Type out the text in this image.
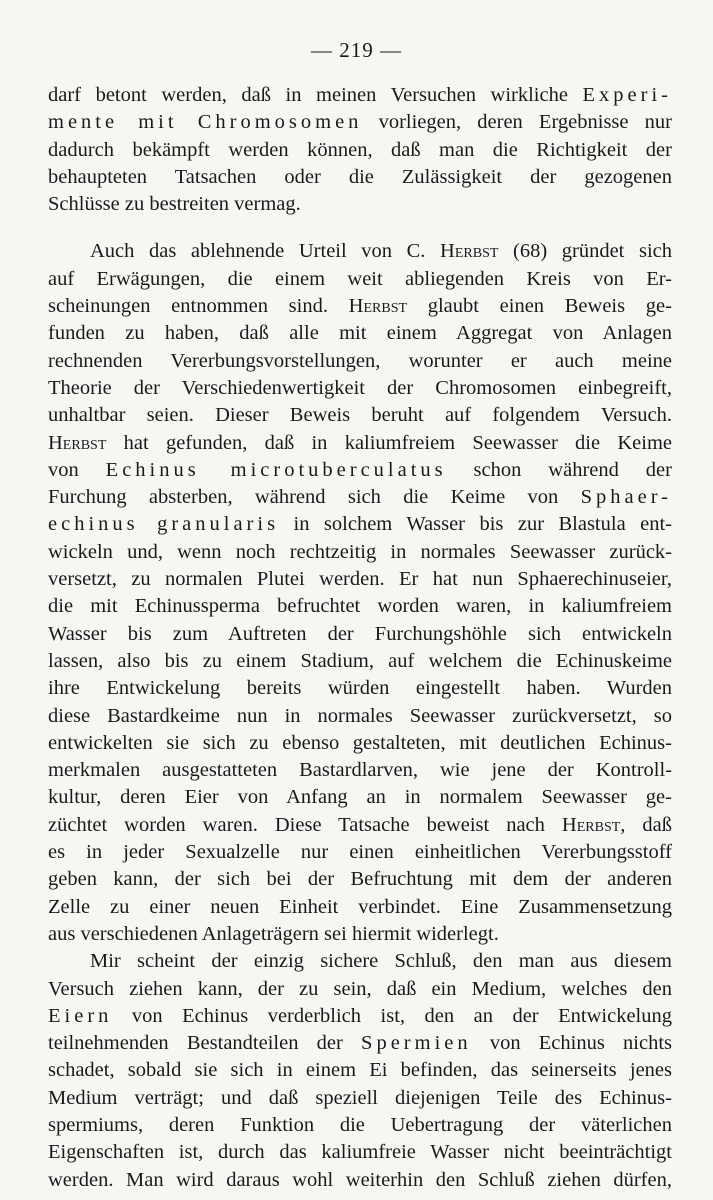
— 219 —
darf betont werden, daß in meinen Versuchen wirkliche Experi-
mente mit Chromosomen vorliegen, deren Ergebnisse nur
dadurch bekämpft werden können, daß man die Richtigkeit der
behaupteten Tatsachen oder die Zulässigkeit der gezogenen
Schlüsse zu bestreiten vermag.
Auch das ablehnende Urteil von C. Herbst (68) gründet sich
auf Erwägungen, die einem weit abliegenden Kreis von Er-
scheinungen entnommen sind. Herbst glaubt einen Beweis ge-
funden zu haben, daß alle mit einem Aggregat von Anlagen
rechnenden Vererbungsvorstellungen, worunter er auch meine
Theorie der Verschiedenwertigkeit der Chromosomen einbegreift,
unhaltbar seien. Dieser Beweis beruht auf folgendem Versuch.
Herbst hat gefunden, daß in kaliumfreiem Seewasser die Keime
von Echinus microtuberculatus schon während der
Furchung absterben, während sich die Keime von Sphaer-
echinus granularis in solchem Wasser bis zur Blastula ent-
wickeln und, wenn noch rechtzeitig in normales Seewasser zurück-
versetzt, zu normalen Plutei werden. Er hat nun Sphaerechinuseier,
die mit Echinussperma befruchtet worden waren, in kaliumfreiem
Wasser bis zum Auftreten der Furchungshöhle sich entwickeln
lassen, also bis zu einem Stadium, auf welchem die Echinuskeime
ihre Entwickelung bereits würden eingestellt haben. Wurden
diese Bastardkeime nun in normales Seewasser zurückversetzt, so
entwickelten sie sich zu ebenso gestalteten, mit deutlichen Echinus-
merkmalen ausgestatteten Bastardlarven, wie jene der Kontroll-
kultur, deren Eier von Anfang an in normalem Seewasser ge-
züchtet worden waren. Diese Tatsache beweist nach Herbst, daß
es in jeder Sexualzelle nur einen einheitlichen Vererbungsstoff
geben kann, der sich bei der Befruchtung mit dem der anderen
Zelle zu einer neuen Einheit verbindet. Eine Zusammensetzung
aus verschiedenen Anlageträgern sei hiermit widerlegt.
Mir scheint der einzig sichere Schluß, den man aus diesem
Versuch ziehen kann, der zu sein, daß ein Medium, welches den
Eiern von Echinus verderblich ist, den an der Entwickelung
teilnehmenden Bestandteilen der Spermien von Echinus nichts
schadet, sobald sie sich in einem Ei befinden, das seinerseits jenes
Medium verträgt; und daß speziell diejenigen Teile des Echinus-
spermiums, deren Funktion die Uebertragung der väterlichen
Eigenschaften ist, durch das kaliumfreie Wasser nicht beeinträchtigt
werden. Man wird daraus wohl weiterhin den Schluß ziehen dürfen,
